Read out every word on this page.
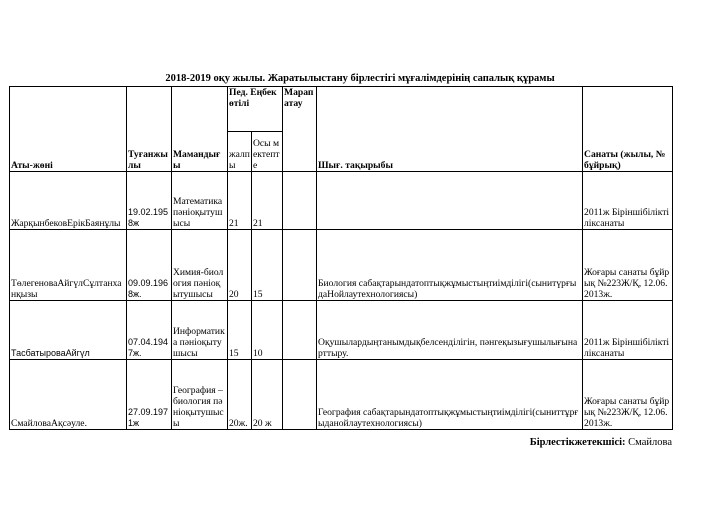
2018-2019 оқу жылы. Жаратылыстану бірлестігі мұғалімдерінің сапалық құрамы
Аты-жөні	Туғанжылы	Мамандығы	Пед. Еңбекөтілі		Марапатау	Шығ. тақырыбы	Санаты (жылы, № бұйрық)
			жалпы	Осы мектепте			
ЖарқынбековЕрікБаянұлы	19.02.1958ж	Математика пәніоқытушысы	21	21			2011ж Біріншібіліктіліксанаты
ТөлегеноваАйгүлСұлтанханқызы	09.09.1968ж.	Химия-биология пәніоқытушысы	20	15		Биология сабақтарындатоптықжұмыстыңтиімділігі(сынитүрғыдаНойлаутехнологиясы)	Жоғары санаты бұйрық №223Ж/Қ, 12.06.2013ж.
ТасбатыроваАйгүл	07.04.1947ж.	Информатика пәніоқытушысы	15	10		Оқушылардыңтанымдықбелсенділігін, пәнгеқызығушылығынарттыру.	2011ж Біріншібіліктіліксанаты
СмайловаАқсәуле.	27.09.1971ж	География – биология пәніоқытушысы	20ж.	20 ж		География сабақтарындатоптықжұмыстыңтиімділігі(сыниттұрғыданойлаутехнологиясы)	Жоғары санаты бұйрық №223Ж/Қ, 12.06.2013ж.
Бірлестікжетекшісі: Смайлова
